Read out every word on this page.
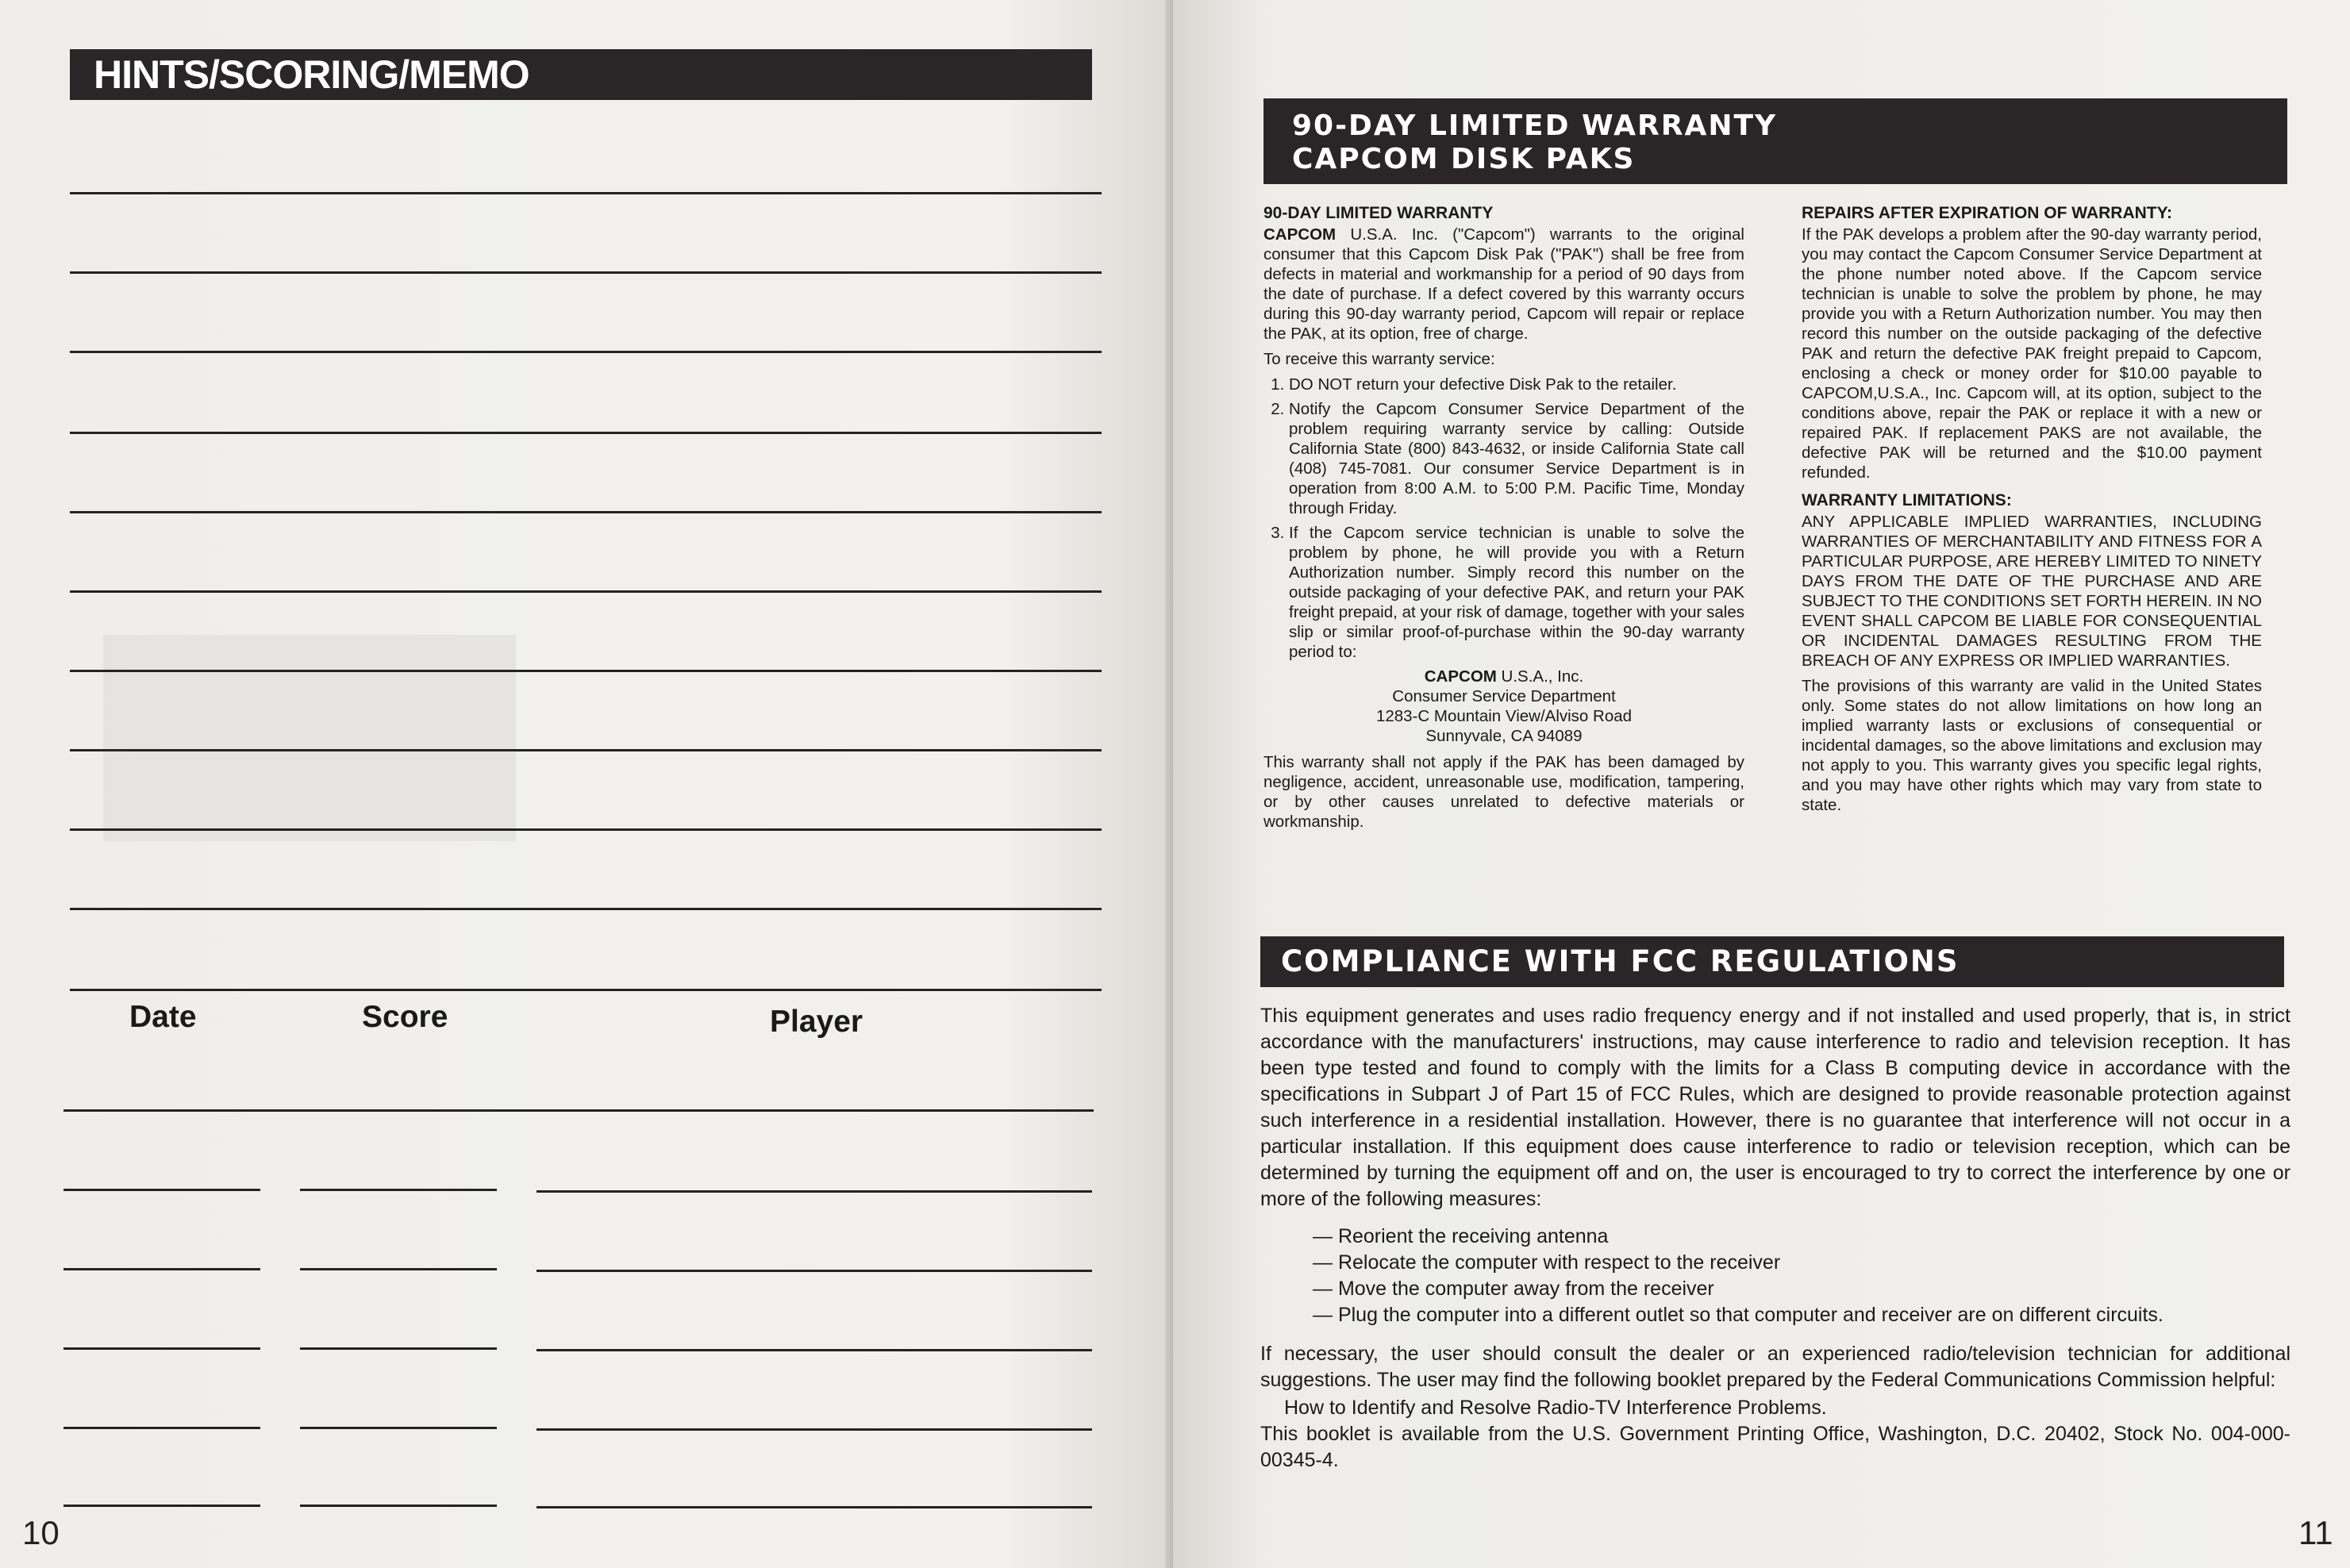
HINTS/SCORING/MEMO
Date	Score	Player
10
90-DAY LIMITED WARRANTY
CAPCOM DISK PAKS

90-DAY LIMITED WARRANTY

CAPCOM U.S.A. Inc. ("Capcom") warrants to the original consumer that this Capcom Disk Pak ("PAK") shall be free from defects in material and workmanship for a period of 90 days from the date of purchase. If a defect covered by this warranty occurs during this 90-day warranty period, Capcom will repair or replace the PAK, at its option, free of charge.

To receive this warranty service:

1. DO NOT return your defective Disk Pak to the retailer.
2. Notify the Capcom Consumer Service Department of the problem requiring warranty service by calling: Outside California State (800) 843-4632, or inside California State call (408) 745-7081. Our consumer Service Department is in operation from 8:00 A.M. to 5:00 P.M. Pacific Time, Monday through Friday.
3. If the Capcom service technician is unable to solve the problem by phone, he will provide you with a Return Authorization number. Simply record this number on the outside packaging of your defective PAK, and return your PAK freight prepaid, at your risk of damage, together with your sales slip or similar proof-of-purchase within the 90-day warranty period to:
CAPCOM U.S.A., Inc.
Consumer Service Department
1283-C Mountain View/Alviso Road
Sunnyvale, CA 94089

This warranty shall not apply if the PAK has been damaged by negligence, accident, unreasonable use, modification, tampering, or by other causes unrelated to defective materials or workmanship.

REPAIRS AFTER EXPIRATION OF WARRANTY:

If the PAK develops a problem after the 90-day warranty period, you may contact the Capcom Consumer Service Department at the phone number noted above. If the Capcom service technician is unable to solve the problem by phone, he may provide you with a Return Authorization number. You may then record this number on the outside packaging of the defective PAK and return the defective PAK freight prepaid to Capcom, enclosing a check or money order for $10.00 payable to CAPCOM,U.S.A., Inc. Capcom will, at its option, subject to the conditions above, repair the PAK or replace it with a new or repaired PAK. If replacement PAKS are not available, the defective PAK will be returned and the $10.00 payment refunded.

WARRANTY LIMITATIONS:

ANY APPLICABLE IMPLIED WARRANTIES, INCLUDING WARRANTIES OF MERCHANTABILITY AND FITNESS FOR A PARTICULAR PURPOSE, ARE HEREBY LIMITED TO NINETY DAYS FROM THE DATE OF THE PURCHASE AND ARE SUBJECT TO THE CONDITIONS SET FORTH HEREIN. IN NO EVENT SHALL CAPCOM BE LIABLE FOR CONSEQUENTIAL OR INCIDENTAL DAMAGES RESULTING FROM THE BREACH OF ANY EXPRESS OR IMPLIED WARRANTIES.

The provisions of this warranty are valid in the United States only. Some states do not allow limitations on how long an implied warranty lasts or exclusions of consequential or incidental damages, so the above limitations and exclusion may not apply to you. This warranty gives you specific legal rights, and you may have other rights which may vary from state to state.

COMPLIANCE WITH FCC REGULATIONS

This equipment generates and uses radio frequency energy and if not installed and used properly, that is, in strict accordance with the manufacturers' instructions, may cause interference to radio and television reception. It has been type tested and found to comply with the limits for a Class B computing device in accordance with the specifications in Subpart J of Part 15 of FCC Rules, which are designed to provide reasonable protection against such interference in a residential installation. However, there is no guarantee that interference will not occur in a particular installation. If this equipment does cause interference to radio or television reception, which can be determined by turning the equipment off and on, the user is encouraged to try to correct the interference by one or more of the following measures:

— Reorient the receiving antenna
— Relocate the computer with respect to the receiver
— Move the computer away from the receiver
— Plug the computer into a different outlet so that computer and receiver are on different circuits.

If necessary, the user should consult the dealer or an experienced radio/television technician for additional suggestions. The user may find the following booklet prepared by the Federal Communications Commission helpful:

How to Identify and Resolve Radio-TV Interference Problems.

This booklet is available from the U.S. Government Printing Office, Washington, D.C. 20402, Stock No. 004-000-00345-4.

11
